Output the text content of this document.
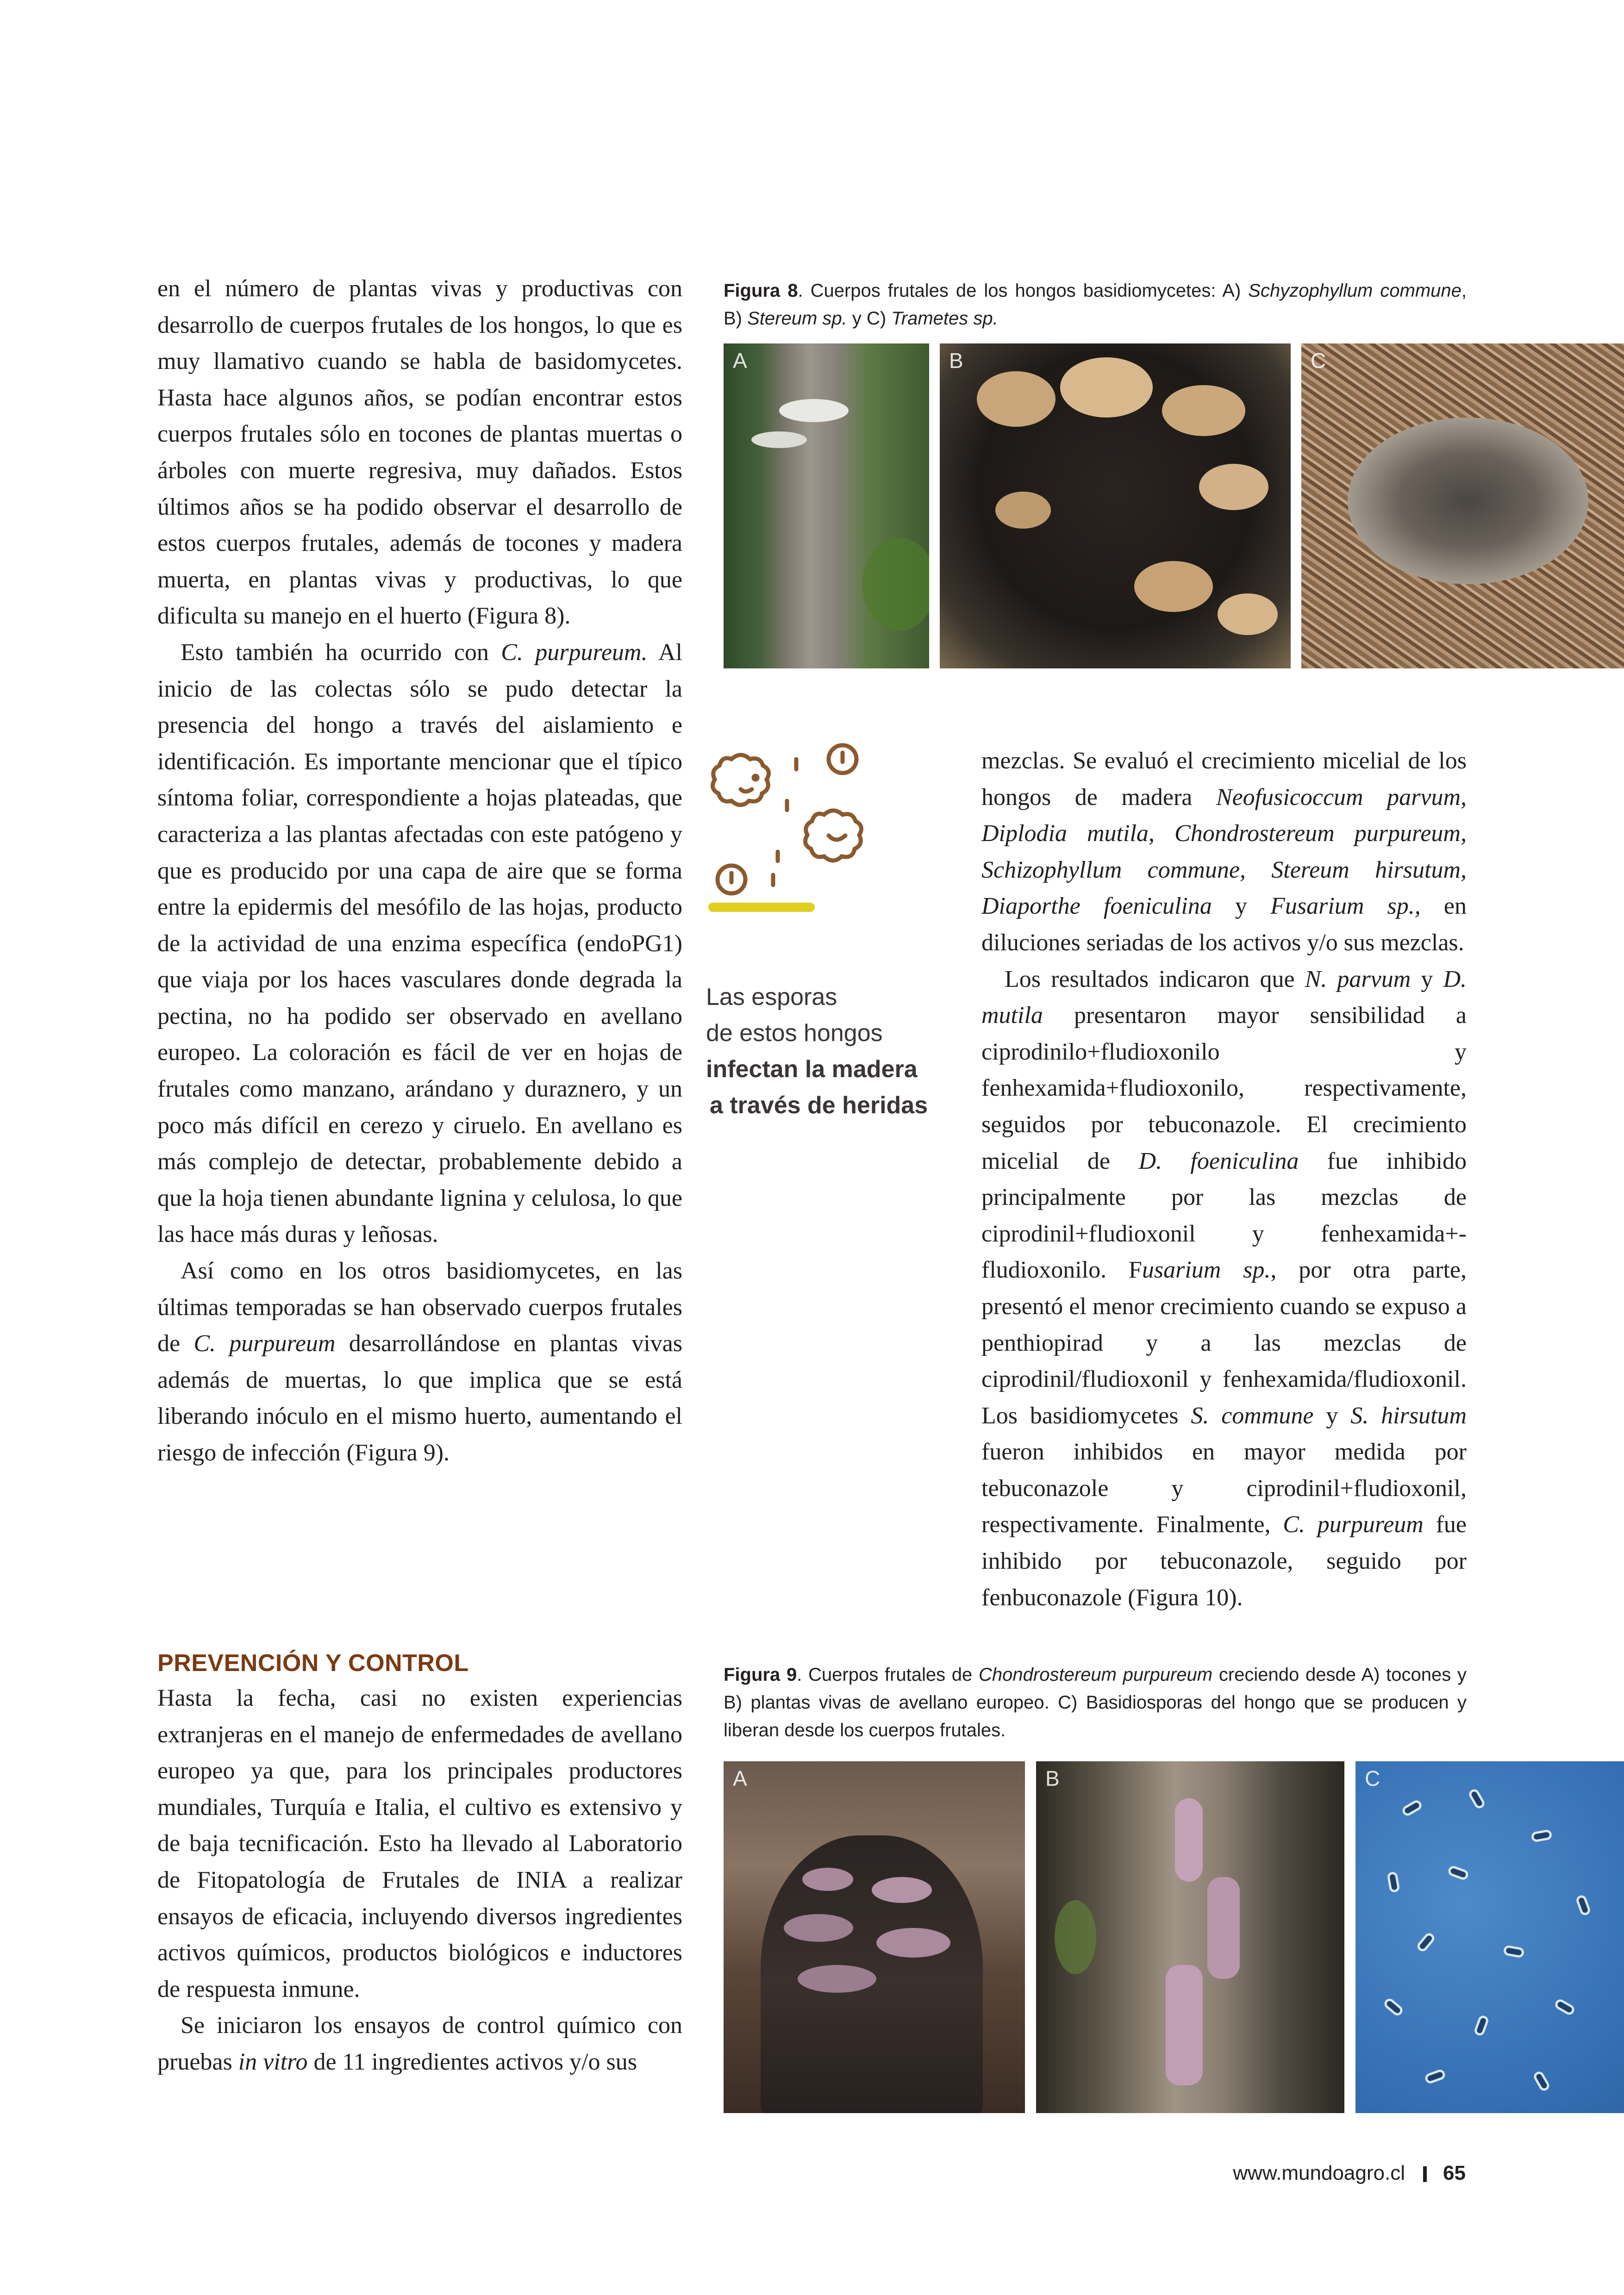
en el número de plantas vivas y productivas con desarrollo de cuerpos frutales de los hongos, lo que es muy llamativo cuando se habla de basidomycetes. Hasta hace algunos años, se podían encontrar estos cuerpos frutales sólo en tocones de plantas muertas o árboles con muerte regresiva, muy dañados. Estos últimos años se ha podido observar el desarrollo de estos cuerpos frutales, además de tocones y madera muerta, en plantas vivas y productivas, lo que dificulta su manejo en el huerto (Figura 8).

Esto también ha ocurrido con C. purpureum. Al inicio de las colectas sólo se pudo detectar la presencia del hongo a través del aislamiento e identificación. Es importante mencionar que el típico síntoma foliar, correspondiente a hojas plateadas, que caracteriza a las plantas afectadas con este patógeno y que es producido por una capa de aire que se forma entre la epidermis del mesófilo de las hojas, producto de la actividad de una enzima específica (endoPG1) que viaja por los haces vasculares donde degrada la pectina, no ha podido ser observado en avellano europeo. La coloración es fácil de ver en hojas de frutales como manzano, arándano y duraznero, y un poco más difícil en cerezo y ciruelo. En avellano es más complejo de detectar, probablemente debido a que la hoja tienen abundante lignina y celulosa, lo que las hace más duras y leñosas.

Así como en los otros basidiomycetes, en las últimas temporadas se han observado cuerpos frutales de C. purpureum desarrollándose en plantas vivas además de muertas, lo que implica que se está liberando inóculo en el mismo huerto, aumentando el riesgo de infección (Figura 9).

PREVENCIÓN Y CONTROL

Hasta la fecha, casi no existen experiencias extranjeras en el manejo de enfermedades de avellano europeo ya que, para los principales productores mundiales, Turquía e Italia, el cultivo es extensivo y de baja tecnificación. Esto ha llevado al Laboratorio de Fitopatología de Frutales de INIA a realizar ensayos de eficacia, incluyendo diversos ingredientes activos químicos, productos biológicos e inductores de respuesta inmune.

Se iniciaron los ensayos de control químico con pruebas in vitro de 11 ingredientes activos y/o sus

mezclas. Se evaluó el crecimiento micelial de los hongos de madera Neofusicoccum parvum, Diplodia mutila, Chondrostereum purpureum, Schizophyllum commune, Stereum hirsutum, Diaporthe foeniculina y Fusarium sp., en diluciones seriadas de los activos y/o sus mezclas.

Los resultados indicaron que N. parvum y D. mutila presentaron mayor sensibilidad a ciprodinilo+fludioxonilo y fenhexamida+fludioxonilo, respectivamente, seguidos por tebuconazole. El crecimiento micelial de D. foeniculina fue inhibido principalmente por las mezclas de ciprodinil+fludioxonil y fenhexamida+-fludioxonilo. Fusarium sp., por otra parte, presentó el menor crecimiento cuando se expuso a penthiopirad y a las mezclas de ciprodinil/fludioxonil y fenhexamida/fludioxonil. Los basidiomycetes S. commune y S. hirsutum fueron inhibidos en mayor medida por tebuconazole y ciprodinil+fludioxonil, respectivamente. Finalmente, C. purpureum fue inhibido por tebuconazole, seguido por fenbuconazole (Figura 10).

Figura 8. Cuerpos frutales de los hongos basidiomycetes: A) Schyzophyllum commune, B) Stereum sp. y C) Trametes sp.
A	B	C
Las esporas
de estos hongos
infectan la madera
a través de heridas
Figura 9. Cuerpos frutales de Chondrostereum purpureum creciendo desde A) tocones y B) plantas vivas de avellano europeo. C) Basidiosporas del hongo que se producen y liberan desde los cuerpos frutales.
A	B	C
www.mundoagro.cl 65
